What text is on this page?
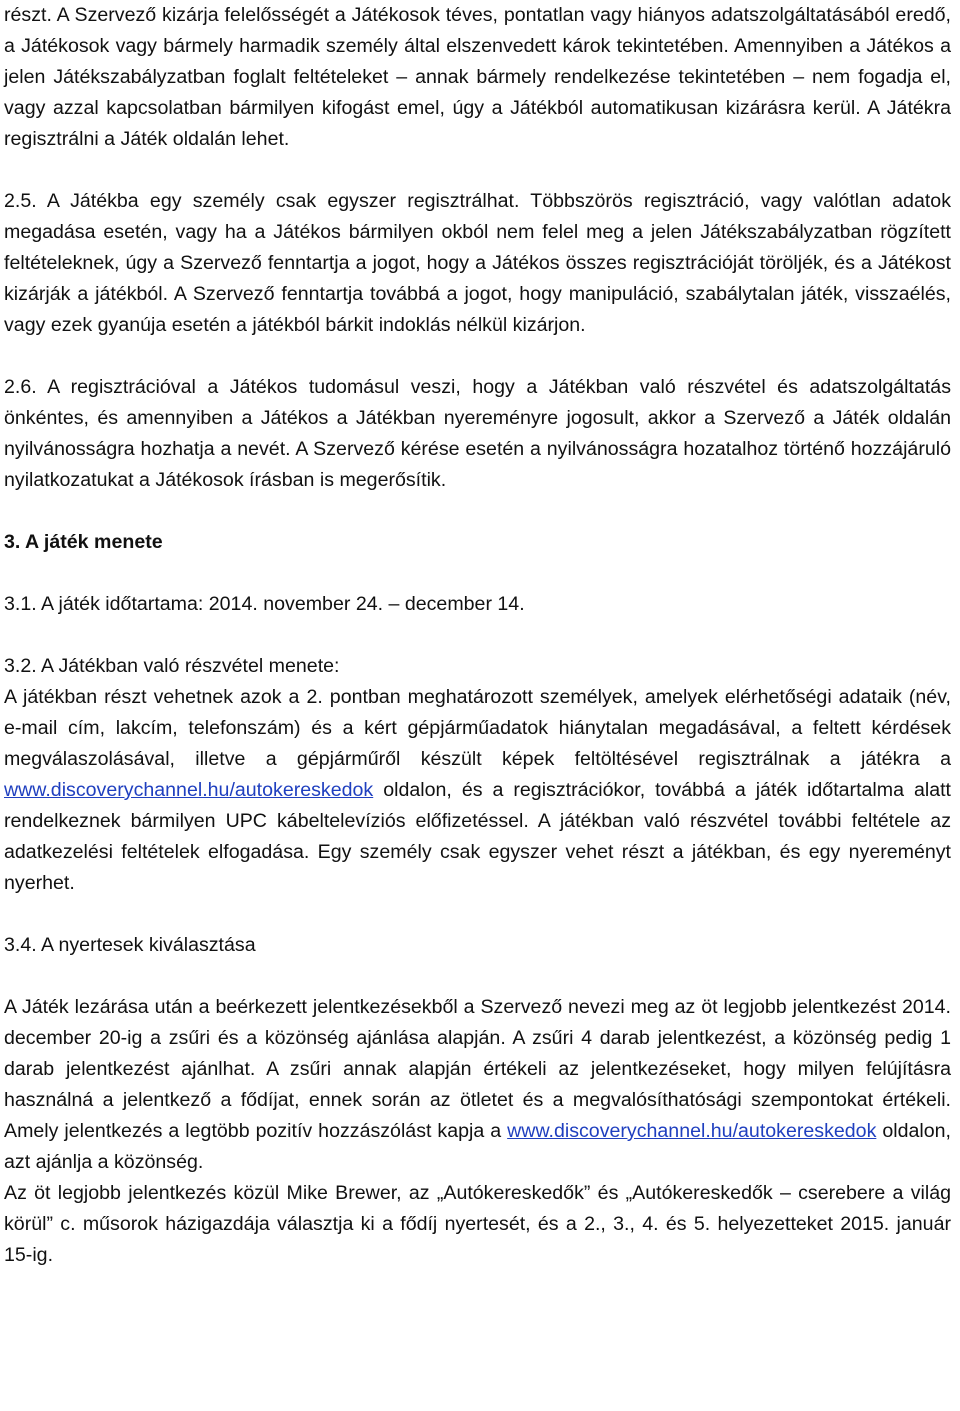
részt. A Szervező kizárja felelősségét a Játékosok téves, pontatlan vagy hiányos adatszolgáltatásából eredő, a Játékosok vagy bármely harmadik személy által elszenvedett károk tekintetében. Amennyiben a Játékos a jelen Játékszabályzatban foglalt feltételeket – annak bármely rendelkezése tekintetében – nem fogadja el, vagy azzal kapcsolatban bármilyen kifogást emel, úgy a Játékból automatikusan kizárásra kerül. A Játékra regisztrálni a Játék oldalán lehet.

2.5. A Játékba egy személy csak egyszer regisztrálhat. Többszörös regisztráció, vagy valótlan adatok megadása esetén, vagy ha a Játékos bármilyen okból nem felel meg a jelen Játékszabályzatban rögzített feltételeknek, úgy a Szervező fenntartja a jogot, hogy a Játékos összes regisztrációját töröljék, és a Játékost kizárják a játékból. A Szervező fenntartja továbbá a jogot, hogy manipuláció, szabálytalan játék, visszaélés, vagy ezek gyanúja esetén a játékból bárkit indoklás nélkül kizárjon.

2.6. A regisztrációval a Játékos tudomásul veszi, hogy a Játékban való részvétel és adatszolgáltatás önkéntes, és amennyiben a Játékos a Játékban nyereményre jogosult, akkor a Szervező a Játék oldalán nyilvánosságra hozhatja a nevét. A Szervező kérése esetén a nyilvánosságra hozatalhoz történő hozzájáruló nyilatkozatukat a Játékosok írásban is megerősítik.

3. A játék menete

3.1. A játék időtartama: 2014. november 24. – december 14.

3.2. A Játékban való részvétel menete:

A játékban részt vehetnek azok a 2. pontban meghatározott személyek, amelyek elérhetőségi adataik (név, e-mail cím, lakcím, telefonszám) és a kért gépjárműadatok hiánytalan megadásával, a feltett kérdések megválaszolásával, illetve a gépjárműről készült képek feltöltésével regisztrálnak a játékra a www.discoverychannel.hu/autokereskedok oldalon, és a regisztrációkor, továbbá a játék időtartalma alatt rendelkeznek bármilyen UPC kábeltelevíziós előfizetéssel. A játékban való részvétel további feltétele az adatkezelési feltételek elfogadása. Egy személy csak egyszer vehet részt a játékban, és egy nyereményt nyerhet.

3.4. A nyertesek kiválasztása

A Játék lezárása után a beérkezett jelentkezésekből a Szervező nevezi meg az öt legjobb jelentkezést 2014. december 20-ig a zsűri és a közönség ajánlása alapján. A zsűri 4 darab jelentkezést, a közönség pedig 1 darab jelentkezést ajánlhat. A zsűri annak alapján értékeli az jelentkezéseket, hogy milyen felújításra használná a jelentkező a fődíjat, ennek során az ötletet és a megvalósíthatósági szempontokat értékeli. Amely jelentkezés a legtöbb pozitív hozzászólást kapja a www.discoverychannel.hu/autokereskedok oldalon, azt ajánlja a közönség.

Az öt legjobb jelentkezés közül Mike Brewer, az „Autókereskedők” és „Autókereskedők – cserebere a világ körül” c. műsorok házigazdája választja ki a fődíj nyertesét, és a 2., 3., 4. és 5. helyezetteket 2015. január 15-ig.
